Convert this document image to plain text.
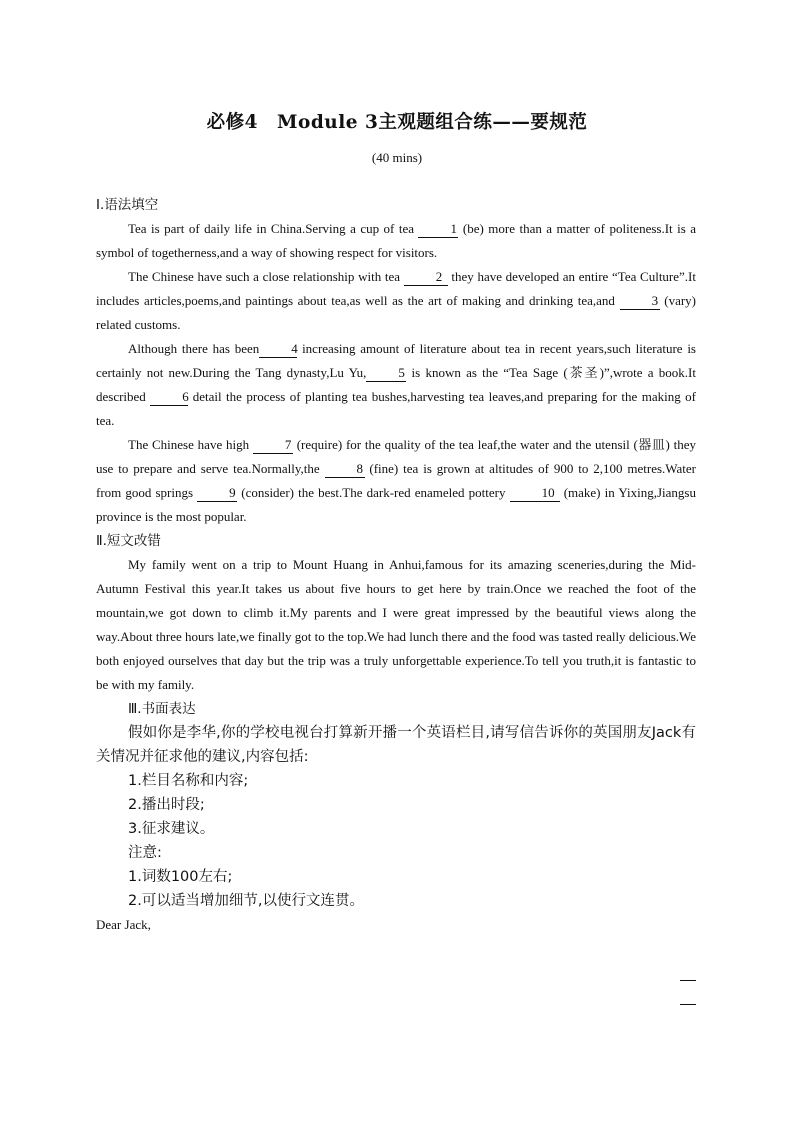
必修4　Module 3主观题组合练——要规范
(40 mins)
Ⅰ.语法填空
Tea is part of daily life in China.Serving a cup of tea 1 (be) more than a matter of politeness.It is a symbol of togetherness,and a way of showing respect for visitors.
The Chinese have such a close relationship with tea 2 they have developed an entire “Tea Culture”.It includes articles,poems,and paintings about tea,as well as the art of making and drinking tea,and 3 (vary) related customs.
Although there has been 4 increasing amount of literature about tea in recent years,such literature is certainly not new.During the Tang dynasty,Lu Yu, 5 is known as the “Tea Sage (茶圣)”,wrote a book.It described 6 detail the process of planting tea bushes,harvesting tea leaves,and preparing for the making of tea.
The Chinese have high 7 (require) for the quality of the tea leaf,the water and the utensil (器皿) they use to prepare and serve tea.Normally,the 8 (fine) tea is grown at altitudes of 900 to 2,100 metres.Water from good springs 9 (consider) the best.The dark-red enameled pottery 10 (make) in Yixing,Jiangsu province is the most popular.
Ⅱ.短文改错
My family went on a trip to Mount Huang in Anhui,famous for its amazing sceneries,during the Mid-Autumn Festival this year.It takes us about five hours to get here by train.Once we reached the foot of the mountain,we got down to climb it.My parents and I were great impressed by the beautiful views along the way.About three hours late,we finally got to the top.We had lunch there and the food was tasted really delicious.We both enjoyed ourselves that day but the trip was a truly unforgettable experience.To tell you truth,it is fantastic to be with my family.
Ⅲ.书面表达
假如你是李华,你的学校电视台打算新开播一个英语栏目,请写信告诉你的英国朋友Jack有关情况并征求他的建议,内容包括:
1.栏目名称和内容;
2.播出时段;
3.征求建议。
注意:
1.词数100左右;
2.可以适当增加细节,以使行文连贯。
Dear Jack,
